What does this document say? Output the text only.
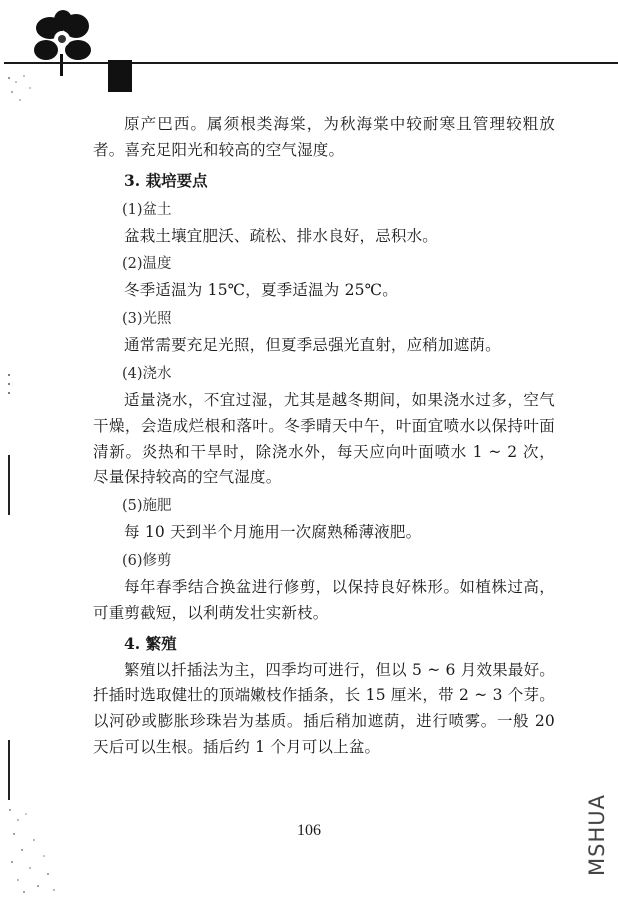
原产巴西。属须根类海棠，为秋海棠中较耐寒且管理较粗放者。喜充足阳光和较高的空气湿度。

3. 栽培要点
(1)盆土

盆栽土壤宜肥沃、疏松、排水良好，忌积水。

(2)温度

冬季适温为 15℃，夏季适温为 25℃。

(3)光照

通常需要充足光照，但夏季忌强光直射，应稍加遮荫。

(4)浇水

适量浇水，不宜过湿，尤其是越冬期间，如果浇水过多，空气干燥，会造成烂根和落叶。冬季晴天中午，叶面宜喷水以保持叶面清新。炎热和干旱时，除浇水外，每天应向叶面喷水 1 ~ 2 次，尽量保持较高的空气湿度。

(5)施肥

每 10 天到半个月施用一次腐熟稀薄液肥。

(6)修剪

每年春季结合换盆进行修剪，以保持良好株形。如植株过高，可重剪截短，以利萌发壮实新枝。

4. 繁殖

繁殖以扦插法为主，四季均可进行，但以 5 ~ 6 月效果最好。扦插时选取健壮的顶端嫩枝作插条，长 15 厘米，带 2 ~ 3 个芽。以河砂或膨胀珍珠岩为基质。插后稍加遮荫，进行喷雾。一般 20 天后可以生根。插后约 1 个月可以上盆。

106	MSHUA
